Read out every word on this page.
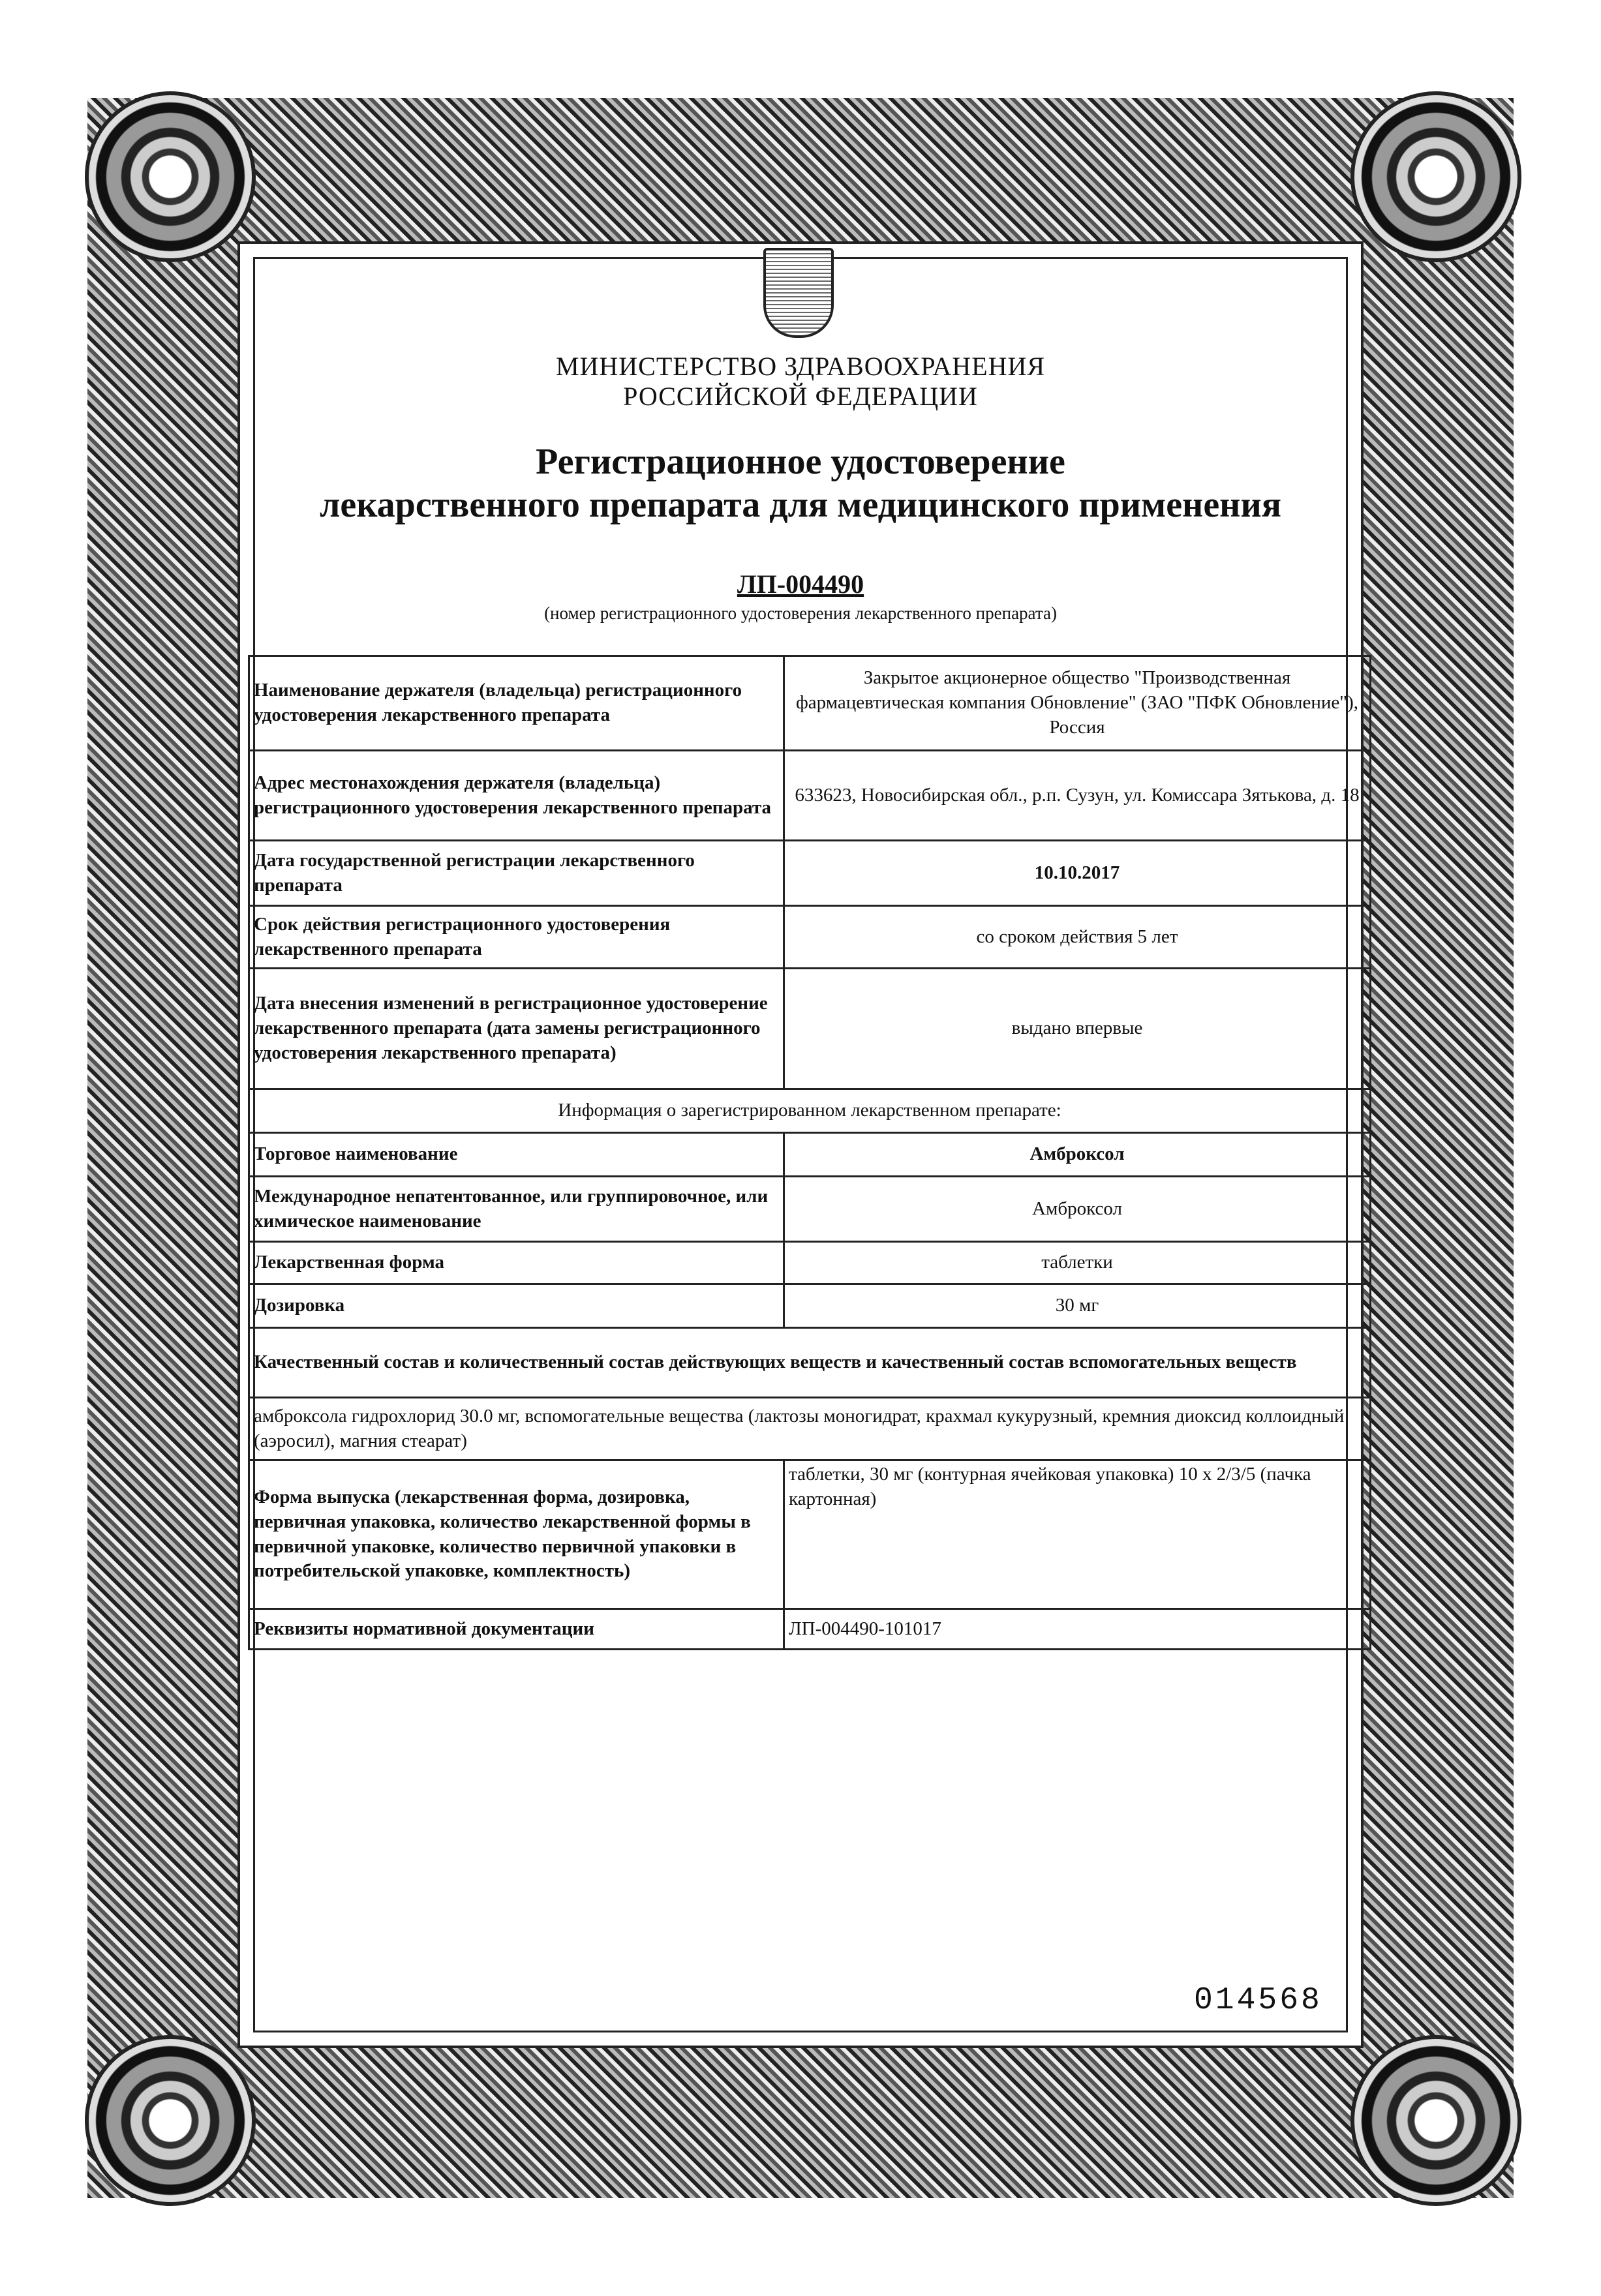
МИНИСТЕРСТВО ЗДРАВООХРАНЕНИЯ
РОССИЙСКОЙ ФЕДЕРАЦИИ
Регистрационное удостоверение
лекарственного препарата для медицинского применения
ЛП-004490
(номер регистрационного удостоверения лекарственного препарата)
Наименование держателя (владельца) регистрационного удостоверения лекарственного препарата	Закрытое акционерное общество "Производственная фармацевтическая компания Обновление" (ЗАО "ПФК Обновление"), Россия
Адрес местонахождения держателя (владельца) регистрационного удостоверения лекарственного препарата	633623, Новосибирская обл., р.п. Сузун, ул. Комиссара Зятькова, д. 18
Дата государственной регистрации лекарственного препарата	10.10.2017
Срок действия регистрационного удостоверения лекарственного препарата	со сроком действия 5 лет
Дата внесения изменений в регистрационное удостоверение лекарственного препарата (дата замены регистрационного удостоверения лекарственного препарата)	выдано впервые
Информация о зарегистрированном лекарственном препарате:	
Торговое наименование	Амброксол
Международное непатентованное, или группировочное, или химическое наименование	Амброксол
Лекарственная форма	таблетки
Дозировка	30 мг
Качественный состав и количественный состав действующих веществ и качественный состав вспомогательных веществ	
амброксола гидрохлорид 30.0 мг, вспомогательные вещества (лактозы моногидрат, крахмал кукурузный, кремния диоксид коллоидный (аэросил), магния стеарат)	
Форма выпуска (лекарственная форма, дозировка, первичная упаковка, количество лекарственной формы в первичной упаковке, количество первичной упаковки в потребительской упаковке, комплектность)	таблетки, 30 мг (контурная ячейковая упаковка) 10 x 2/3/5 (пачка картонная)
Реквизиты нормативной документации	ЛП-004490-101017
014568
